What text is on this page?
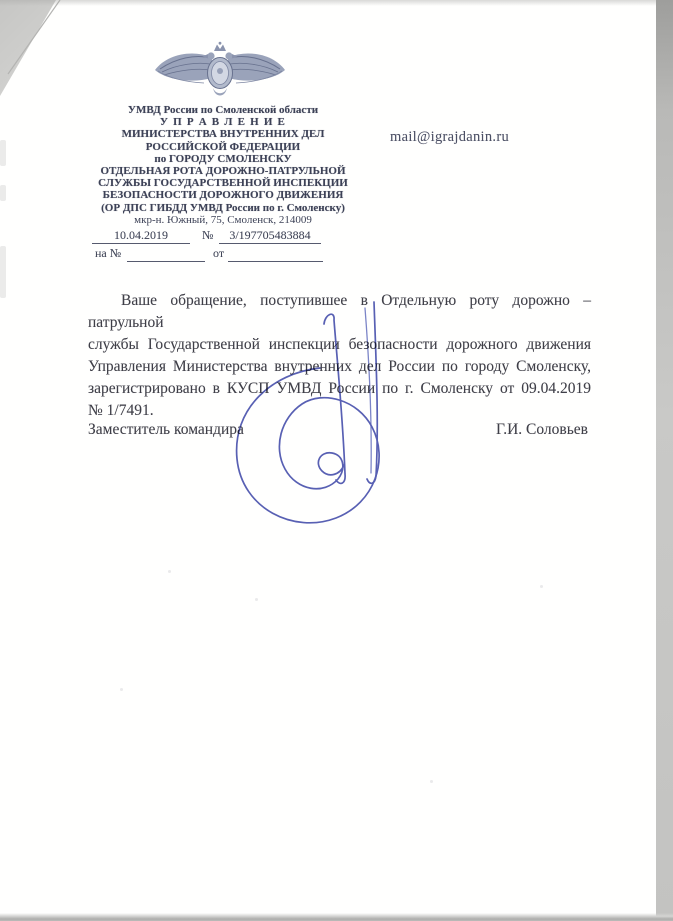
УМВД России по Смоленской области
У П Р А В Л Е Н И Е
МИНИСТЕРСТВА ВНУТРЕННИХ ДЕЛ
РОССИЙСКОЙ ФЕДЕРАЦИИ
по ГОРОДУ СМОЛЕНСКУ
ОТДЕЛЬНАЯ РОТА ДОРОЖНО-ПАТРУЛЬНОЙ
СЛУЖБЫ ГОСУДАРСТВЕННОЙ ИНСПЕКЦИИ
БЕЗОПАСНОСТИ ДОРОЖНОГО ДВИЖЕНИЯ
(ОР ДПС ГИБДД УМВД России по г. Смоленску)
мкр-н. Южный, 75, Смоленск, 214009
mail@igrajdanin.ru
10.04.2019	№	3/197705483884
на №	от
Ваше обращение, поступившее в Отдельную роту дорожно – патрульной
службы Государственной инспекции безопасности дорожного движения
Управления Министерства внутренних дел России по городу Смоленску,
зарегистрировано в КУСП УМВД России по г. Смоленску от 09.04.2019
№ 1/7491.
Заместитель командира	Г.И. Соловьев
